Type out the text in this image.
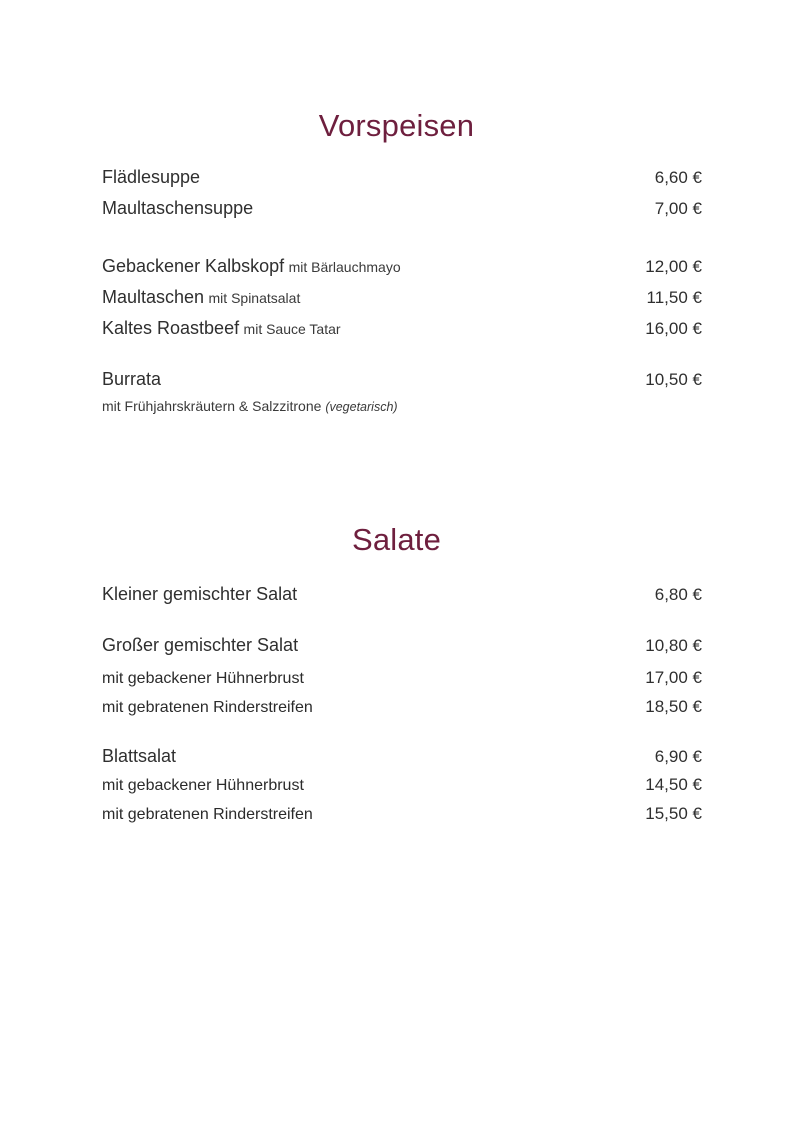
Vorspeisen
Flädlesuppe	6,60 €
Maultaschensuppe	7,00 €
Gebackener Kalbskopf mit Bärlauchmayo	12,00 €
Maultaschen mit Spinatsalat	11,50 €
Kaltes Roastbeef mit Sauce Tatar	16,00 €
Burrata	10,50 €
mit Frühjahrskräutern & Salzzitrone (vegetarisch)
Salate
Kleiner gemischter Salat	6,80 €
Großer gemischter Salat	10,80 €
mit gebackener Hühnerbrust	17,00 €
mit gebratenen Rinderstreifen	18,50 €
Blattsalat	6,90 €
mit gebackener Hühnerbrust	14,50 €
mit gebratenen Rinderstreifen	15,50 €
